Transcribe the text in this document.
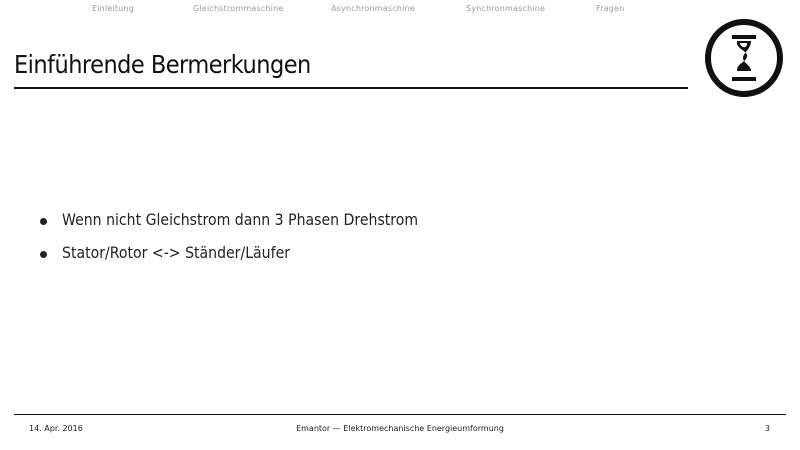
Einleitung	Gleichstrommaschine	Asynchronmaschine	Synchronmaschine	Fragen
Einführende Bermerkungen
Wenn nicht Gleichstrom dann 3 Phasen Drehstrom
Stator/Rotor <-> Ständer/Läufer
14. Apr. 2016	Emantor — Elektromechanische Energieumformung	3
